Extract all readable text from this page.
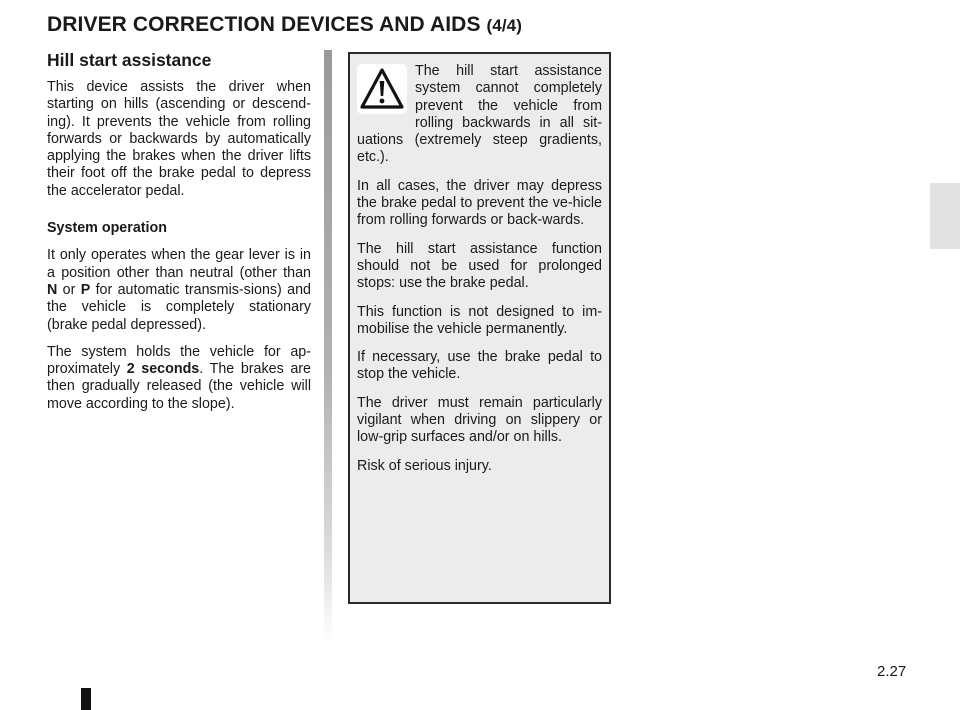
DRIVER CORRECTION DEVICES AND AIDS (4/4)
Hill start assistance

This device assists the driver when starting on hills (ascending or descend-ing). It prevents the vehicle from rolling forwards or backwards by automatically applying the brakes when the driver lifts their foot off the brake pedal to depress the accelerator pedal.

System operation

It only operates when the gear lever is in a position other than neutral (other than N or P for automatic transmis-sions) and the vehicle is completely stationary (brake pedal depressed).

The system holds the vehicle for ap-proximately 2 seconds. The brakes are then gradually released (the vehicle will move according to the slope).

The hill start assistance system cannot completely prevent the vehicle from rolling backwards in all sit-uations (extremely steep gradients, etc.).

In all cases, the driver may depress the brake pedal to prevent the ve-hicle from rolling forwards or back-wards.

The hill start assistance function should not be used for prolonged stops: use the brake pedal.

This function is not designed to im-mobilise the vehicle permanently.

If necessary, use the brake pedal to stop the vehicle.

The driver must remain particularly vigilant when driving on slippery or low-grip surfaces and/or on hills.

Risk of serious injury.

2.27
